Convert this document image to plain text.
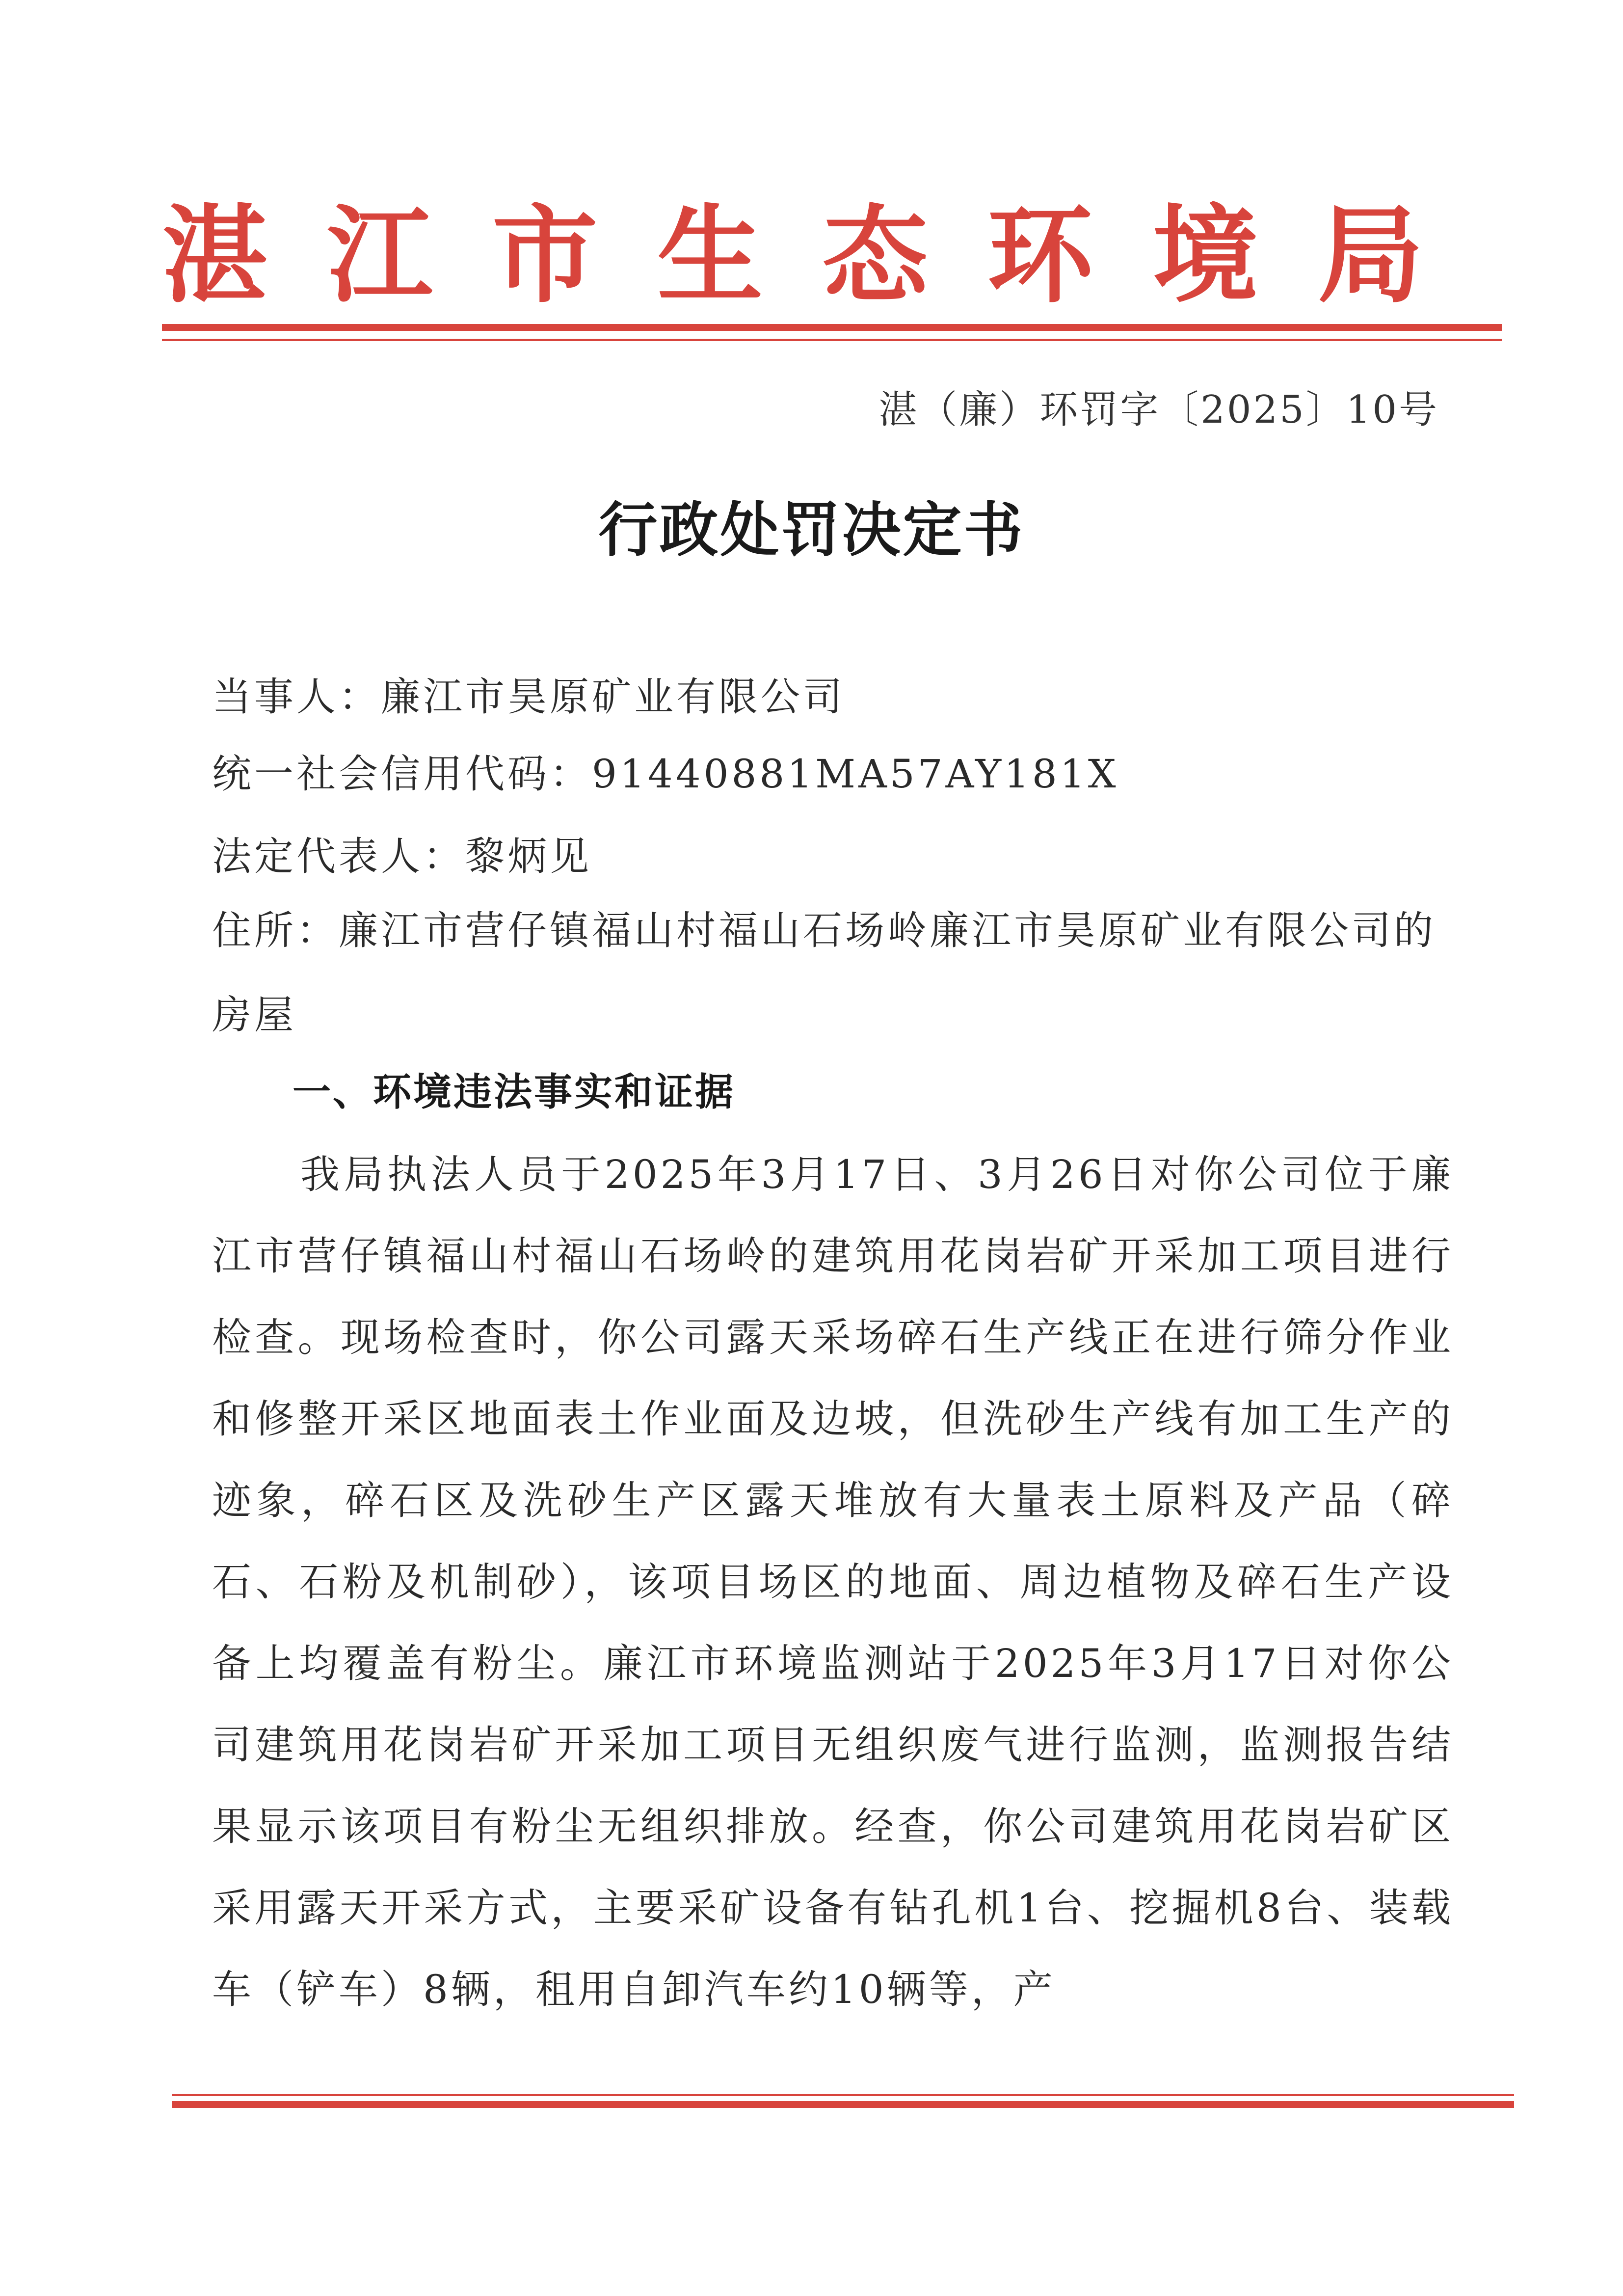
湛 江 市 生 态 环 境 局
湛（廉）环罚字〔2025〕10号
行政处罚决定书
当事人：廉江市昊原矿业有限公司
统一社会信用代码：91440881MA57AY181X
法定代表人：黎炳见
住所：廉江市营仔镇福山村福山石场岭廉江市昊原矿业有限公司的房屋
一、环境违法事实和证据
我局执法人员于2025年3月17日、3月26日对你公司位于廉江市营仔镇福山村福山石场岭的建筑用花岗岩矿开采加工项目进行检查。现场检查时，你公司露天采场碎石生产线正在进行筛分作业和修整开采区地面表土作业面及边坡，但洗砂生产线有加工生产的迹象，碎石区及洗砂生产区露天堆放有大量表土原料及产品（碎石、石粉及机制砂），该项目场区的地面、周边植物及碎石生产设备上均覆盖有粉尘。廉江市环境监测站于2025年3月17日对你公司建筑用花岗岩矿开采加工项目无组织废气进行监测，监测报告结果显示该项目有粉尘无组织排放。经查，你公司建筑用花岗岩矿区采用露天开采方式，主要采矿设备有钻孔机1台、挖掘机8台、装载车（铲车）8辆，租用自卸汽车约10辆等，产
